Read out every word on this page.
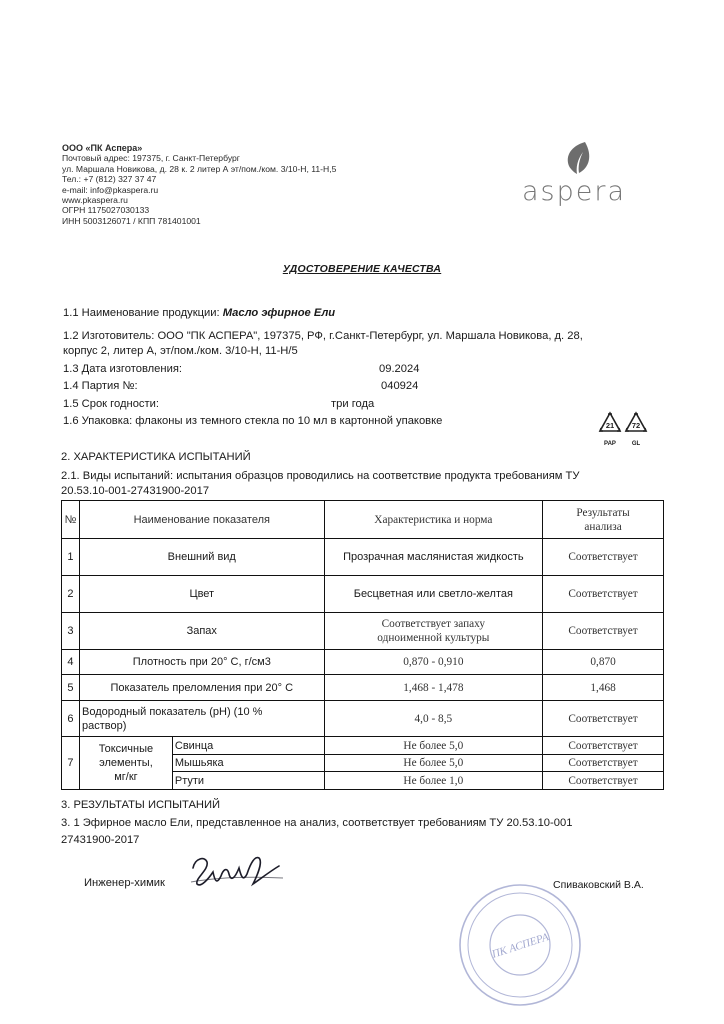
ООО «ПК Аспера»
Почтовый адрес: 197375, г. Санкт-Петербург
ул. Маршала Новикова, д. 28 к. 2 литер А эт/пом./ком. 3/10-Н, 11-Н,5
Тел.: +7 (812) 327 37 47
e-mail: info@pkaspera.ru
www.pkaspera.ru
ОГРН 1175027030133
ИНН 5003126071 / КПП 781401001
aspera
УДОСТОВЕРЕНИЕ КАЧЕСТВА
1.1 Наименование продукции: Масло эфирное Ели
1.2 Изготовитель: ООО "ПК АСПЕРА", 197375, РФ, г.Санкт-Петербург, ул. Маршала Новикова, д. 28,
корпус 2, литер А, эт/пом./ком. 3/10-Н, 11-Н/5
1.3 Дата изготовления:	09.2024
1.4 Партия №:	040924
1.5 Срок годности:	три года
1.6 Упаковка: флаконы из темного стекла по 10 мл в картонной упаковке	21
PAP
72
GL
2. ХАРАКТЕРИСТИКА ИСПЫТАНИЙ
2.1. Виды испытаний: испытания образцов проводились на соответствие продукта требованиям ТУ
20.53.10-001-27431900-2017
№	Наименование показателя		Характеристика и норма	Результаты
анализа

1	Внешний вид		Прозрачная маслянистая жидкость	Соответствует
2	Цвет		Бесцветная или светло-желтая	Соответствует
3	Запах		Соответствует запаху
одноименной культуры	Соответствует
4	Плотность при 20° С, г/см3		0,870 - 0,910	0,870
5	Показатель преломления при 20° С		1,468 - 1,478	1,468
6	Водородный показатель (рН) (10 %
раствор)		4,0 - 8,5	Соответствует
7	Токсичные
элементы,
мг/кг	Свинца	Не более 5,0	Соответствует
		Мышьяка	Не более 5,0	Соответствует
		Ртути	Не более 1,0	Соответствует
3. РЕЗУЛЬТАТЫ ИСПЫТАНИЙ
3. 1 Эфирное масло Ели, представленное на анализ, соответствует требованиям ТУ 20.53.10-001
27431900-2017
Инженер-химик
ПК АСПЕРА
Спиваковский В.А.
